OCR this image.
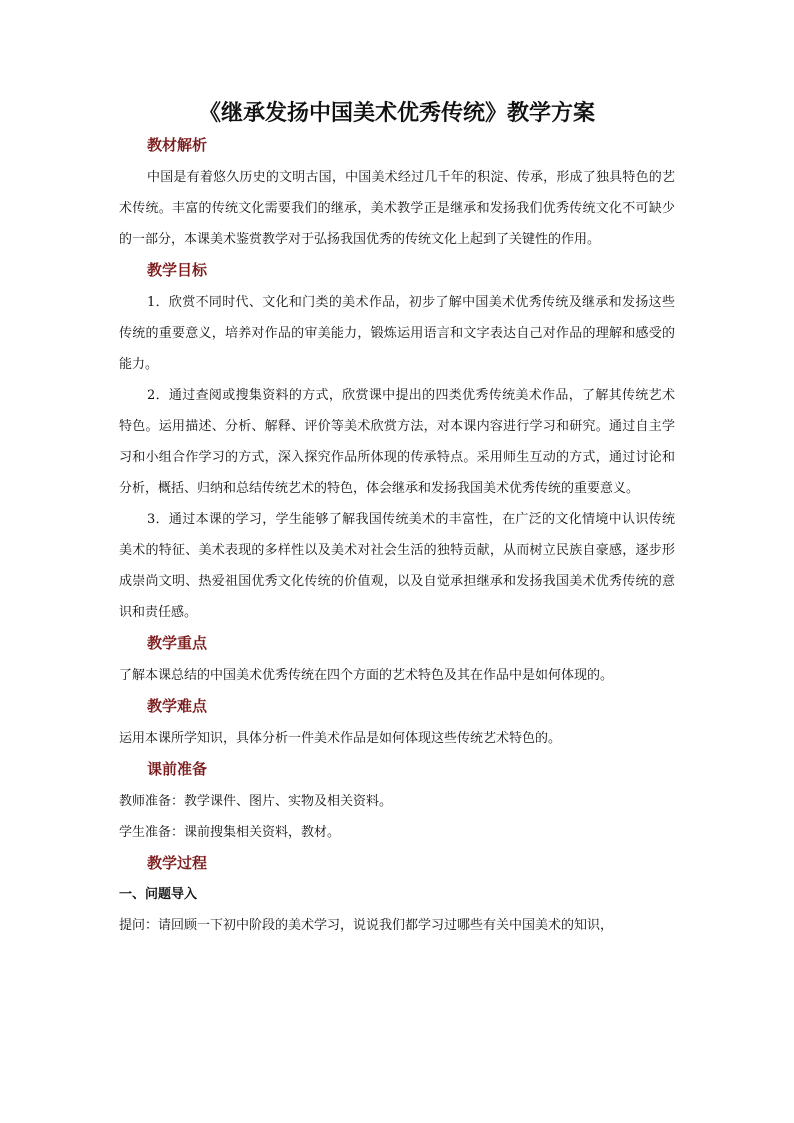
《继承发扬中国美术优秀传统》教学方案
教材解析

中国是有着悠久历史的文明古国，中国美术经过几千年的积淀、传承，形成了独具特色的艺术传统。丰富的传统文化需要我们的继承，美术教学正是继承和发扬我们优秀传统文化不可缺少的一部分，本课美术鉴赏教学对于弘扬我国优秀的传统文化上起到了关键性的作用。

教学目标

1．欣赏不同时代、文化和门类的美术作品，初步了解中国美术优秀传统及继承和发扬这些传统的重要意义，培养对作品的审美能力，锻炼运用语言和文字表达自己对作品的理解和感受的能力。

2．通过查阅或搜集资料的方式，欣赏课中提出的四类优秀传统美术作品，了解其传统艺术特色。运用描述、分析、解释、评价等美术欣赏方法，对本课内容进行学习和研究。通过自主学习和小组合作学习的方式，深入探究作品所体现的传承特点。采用师生互动的方式，通过讨论和分析，概括、归纳和总结传统艺术的特色，体会继承和发扬我国美术优秀传统的重要意义。

3．通过本课的学习，学生能够了解我国传统美术的丰富性，在广泛的文化情境中认识传统美术的特征、美术表现的多样性以及美术对社会生活的独特贡献，从而树立民族自豪感，逐步形成崇尚文明、热爱祖国优秀文化传统的价值观，以及自觉承担继承和发扬我国美术优秀传统的意识和责任感。

教学重点

了解本课总结的中国美术优秀传统在四个方面的艺术特色及其在作品中是如何体现的。

教学难点

运用本课所学知识，具体分析一件美术作品是如何体现这些传统艺术特色的。

课前准备

教师准备：教学课件、图片、实物及相关资料。

学生准备：课前搜集相关资料，教材。

教学过程

一、问题导入

提问：请回顾一下初中阶段的美术学习，说说我们都学习过哪些有关中国美术的知识，
